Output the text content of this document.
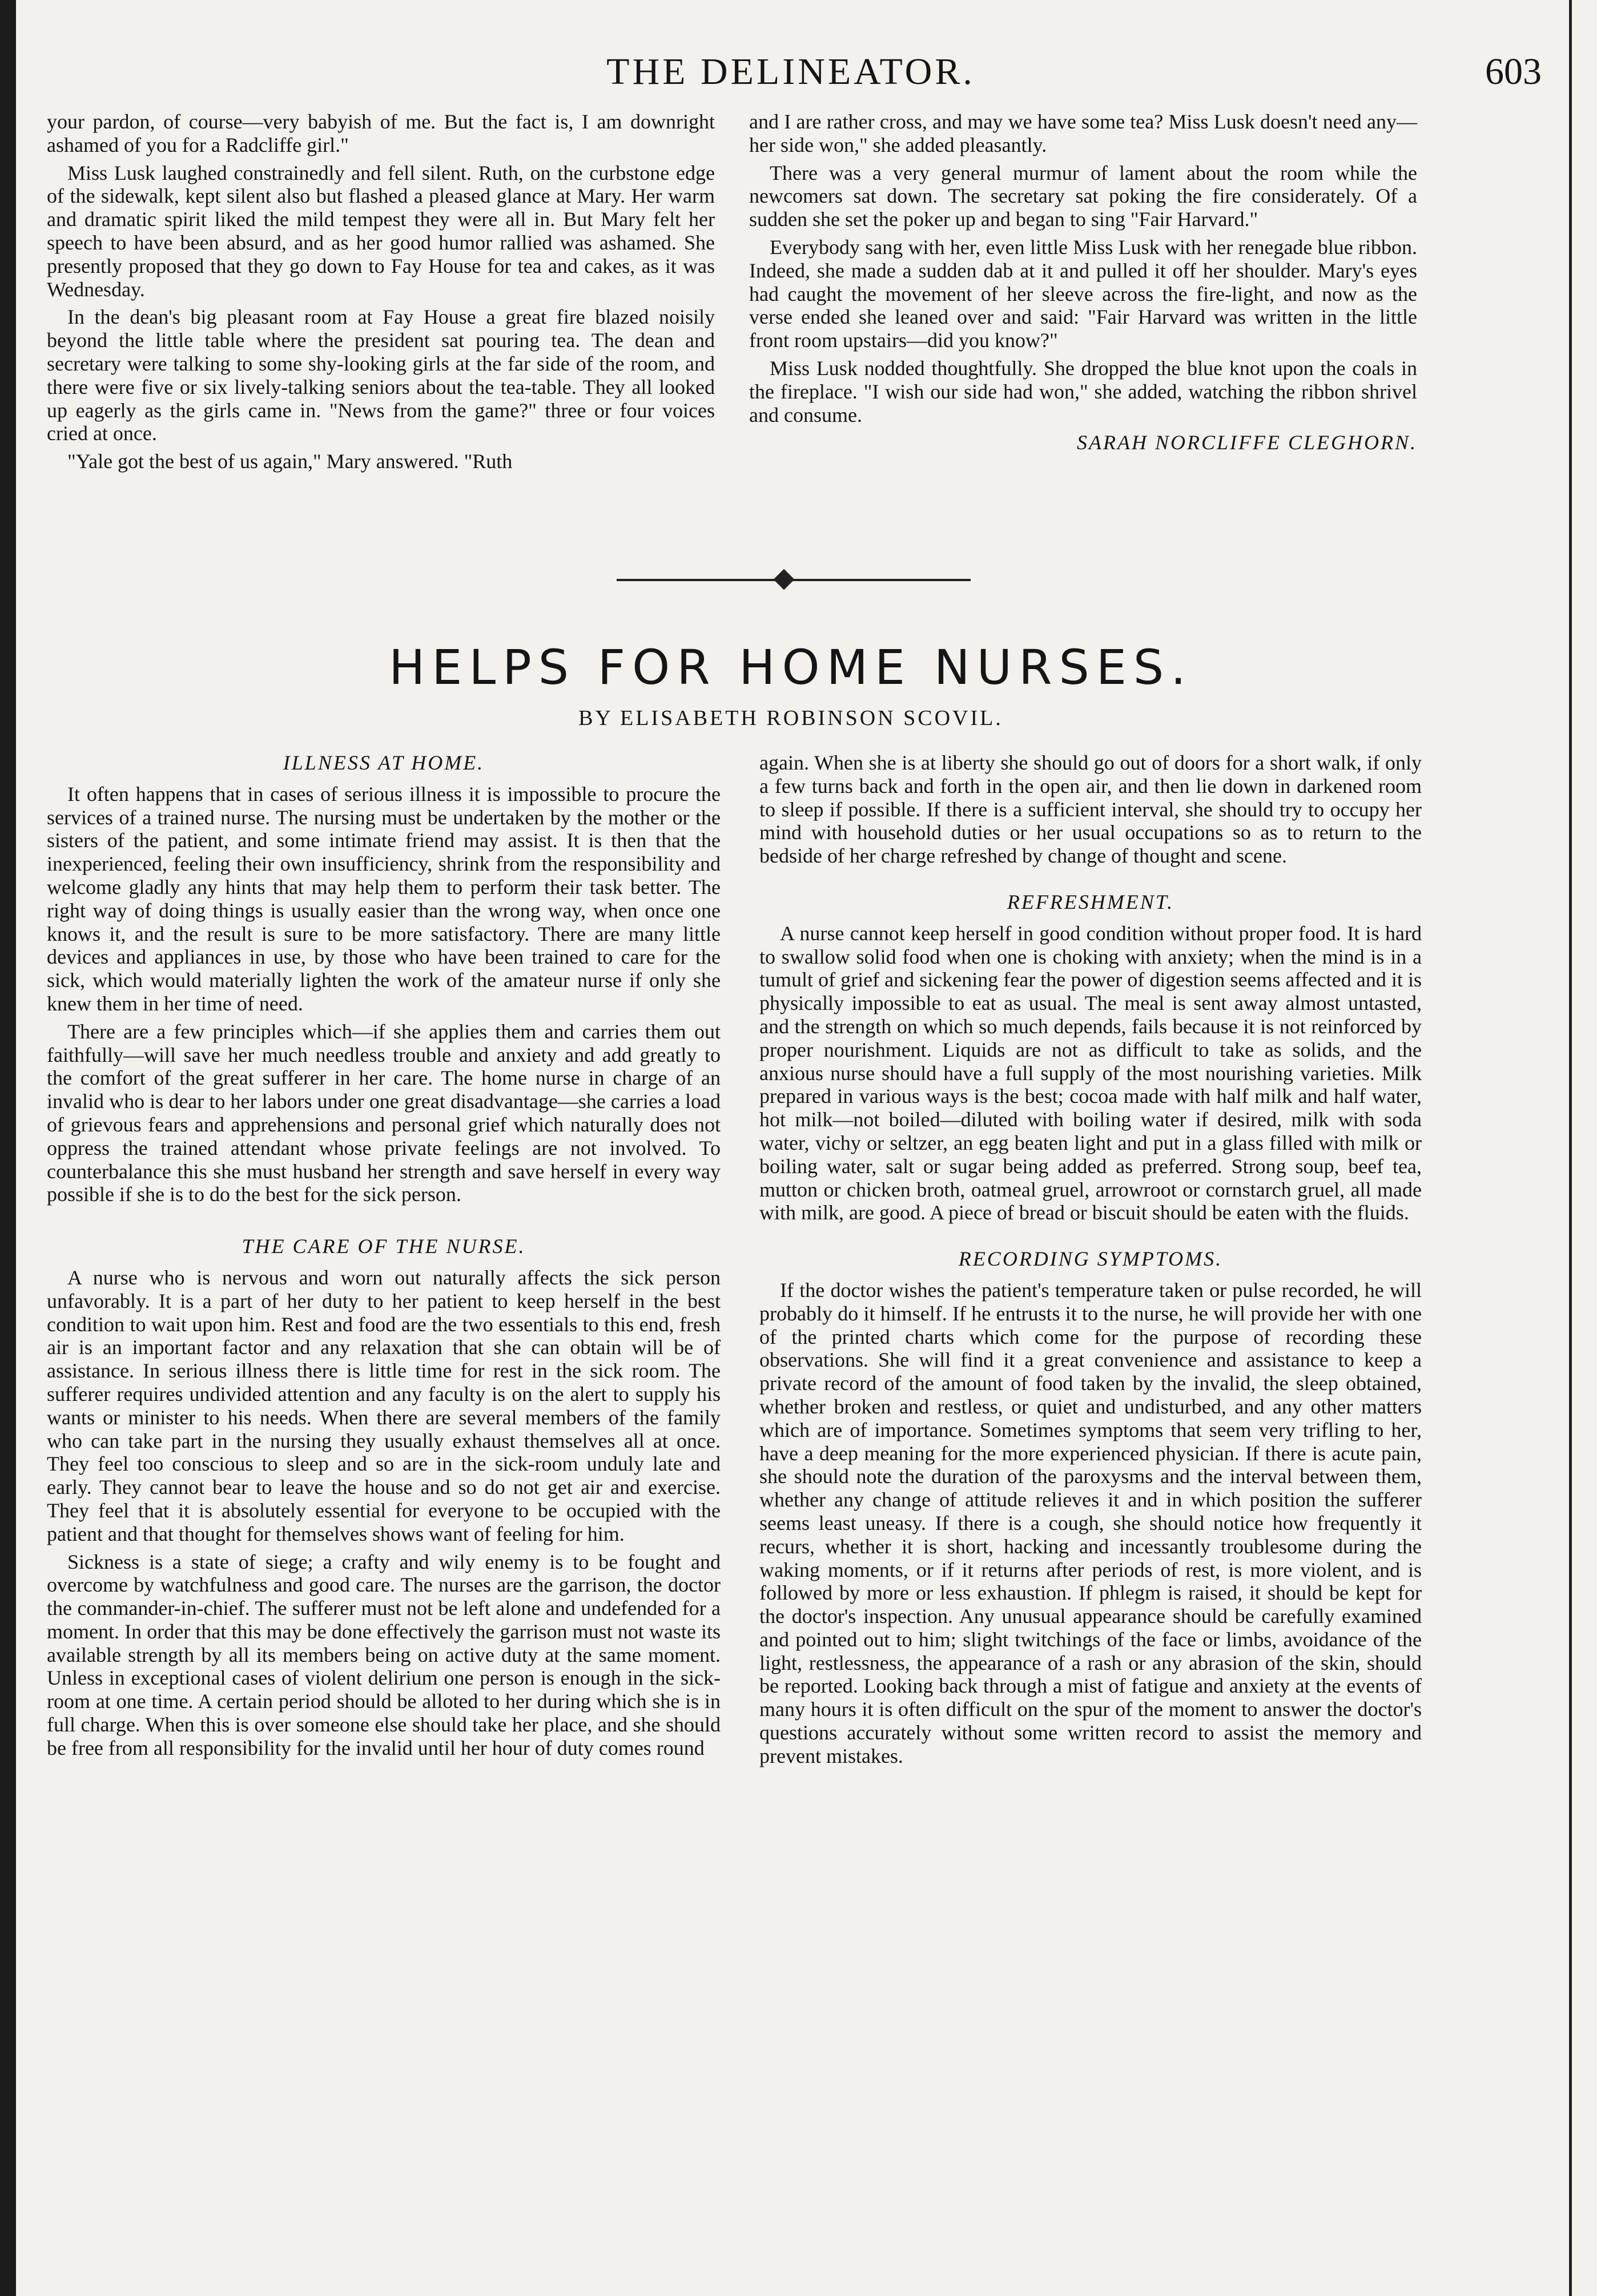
THE DELINEATOR.	603

your pardon, of course—very babyish of me. But the fact is, I am downright ashamed of you for a Radcliffe girl."

Miss Lusk laughed constrainedly and fell silent. Ruth, on the curbstone edge of the sidewalk, kept silent also but flashed a pleased glance at Mary. Her warm and dramatic spirit liked the mild tempest they were all in. But Mary felt her speech to have been absurd, and as her good humor rallied was ashamed. She presently proposed that they go down to Fay House for tea and cakes, as it was Wednesday.

In the dean's big pleasant room at Fay House a great fire blazed noisily beyond the little table where the president sat pouring tea. The dean and secretary were talking to some shy-looking girls at the far side of the room, and there were five or six lively-talking seniors about the tea-table. They all looked up eagerly as the girls came in. "News from the game?" three or four voices cried at once.

"Yale got the best of us again," Mary answered. "Ruth

and I are rather cross, and may we have some tea? Miss Lusk doesn't need any—her side won," she added pleasantly.

There was a very general murmur of lament about the room while the newcomers sat down. The secretary sat poking the fire considerately. Of a sudden she set the poker up and began to sing "Fair Harvard."

Everybody sang with her, even little Miss Lusk with her renegade blue ribbon. Indeed, she made a sudden dab at it and pulled it off her shoulder. Mary's eyes had caught the movement of her sleeve across the fire-light, and now as the verse ended she leaned over and said: "Fair Harvard was written in the little front room upstairs—did you know?"

Miss Lusk nodded thoughtfully. She dropped the blue knot upon the coals in the fireplace. "I wish our side had won," she added, watching the ribbon shrivel and consume.

SARAH NORCLIFFE CLEGHORN.
HELPS FOR HOME NURSES.
BY ELISABETH ROBINSON SCOVIL.
ILLNESS AT HOME.

It often happens that in cases of serious illness it is impossible to procure the services of a trained nurse. The nursing must be undertaken by the mother or the sisters of the patient, and some intimate friend may assist. It is then that the inexperienced, feeling their own insufficiency, shrink from the responsibility and welcome gladly any hints that may help them to perform their task better. The right way of doing things is usually easier than the wrong way, when once one knows it, and the result is sure to be more satisfactory. There are many little devices and appliances in use, by those who have been trained to care for the sick, which would materially lighten the work of the amateur nurse if only she knew them in her time of need.

There are a few principles which—if she applies them and carries them out faithfully—will save her much needless trouble and anxiety and add greatly to the comfort of the great sufferer in her care. The home nurse in charge of an invalid who is dear to her labors under one great disadvantage—she carries a load of grievous fears and apprehensions and personal grief which naturally does not oppress the trained attendant whose private feelings are not involved. To counterbalance this she must husband her strength and save herself in every way possible if she is to do the best for the sick person.

THE CARE OF THE NURSE.

A nurse who is nervous and worn out naturally affects the sick person unfavorably. It is a part of her duty to her patient to keep herself in the best condition to wait upon him. Rest and food are the two essentials to this end, fresh air is an important factor and any relaxation that she can obtain will be of assistance. In serious illness there is little time for rest in the sick room. The sufferer requires undivided attention and any faculty is on the alert to supply his wants or minister to his needs. When there are several members of the family who can take part in the nursing they usually exhaust themselves all at once. They feel too conscious to sleep and so are in the sick-room unduly late and early. They cannot bear to leave the house and so do not get air and exercise. They feel that it is absolutely essential for everyone to be occupied with the patient and that thought for themselves shows want of feeling for him.

Sickness is a state of siege; a crafty and wily enemy is to be fought and overcome by watchfulness and good care. The nurses are the garrison, the doctor the commander-in-chief. The sufferer must not be left alone and undefended for a moment. In order that this may be done effectively the garrison must not waste its available strength by all its members being on active duty at the same moment. Unless in exceptional cases of violent delirium one person is enough in the sick-room at one time. A certain period should be alloted to her during which she is in full charge. When this is over someone else should take her place, and she should be free from all responsibility for the invalid until her hour of duty comes round

again. When she is at liberty she should go out of doors for a short walk, if only a few turns back and forth in the open air, and then lie down in darkened room to sleep if possible. If there is a sufficient interval, she should try to occupy her mind with household duties or her usual occupations so as to return to the bedside of her charge refreshed by change of thought and scene.

REFRESHMENT.

A nurse cannot keep herself in good condition without proper food. It is hard to swallow solid food when one is choking with anxiety; when the mind is in a tumult of grief and sickening fear the power of digestion seems affected and it is physically impossible to eat as usual. The meal is sent away almost untasted, and the strength on which so much depends, fails because it is not reinforced by proper nourishment. Liquids are not as difficult to take as solids, and the anxious nurse should have a full supply of the most nourishing varieties. Milk prepared in various ways is the best; cocoa made with half milk and half water, hot milk—not boiled—diluted with boiling water if desired, milk with soda water, vichy or seltzer, an egg beaten light and put in a glass filled with milk or boiling water, salt or sugar being added as preferred. Strong soup, beef tea, mutton or chicken broth, oatmeal gruel, arrowroot or cornstarch gruel, all made with milk, are good. A piece of bread or biscuit should be eaten with the fluids.

RECORDING SYMPTOMS.

If the doctor wishes the patient's temperature taken or pulse recorded, he will probably do it himself. If he entrusts it to the nurse, he will provide her with one of the printed charts which come for the purpose of recording these observations. She will find it a great convenience and assistance to keep a private record of the amount of food taken by the invalid, the sleep obtained, whether broken and restless, or quiet and undisturbed, and any other matters which are of importance. Sometimes symptoms that seem very trifling to her, have a deep meaning for the more experienced physician. If there is acute pain, she should note the duration of the paroxysms and the interval between them, whether any change of attitude relieves it and in which position the sufferer seems least uneasy. If there is a cough, she should notice how frequently it recurs, whether it is short, hacking and incessantly troublesome during the waking moments, or if it returns after periods of rest, is more violent, and is followed by more or less exhaustion. If phlegm is raised, it should be kept for the doctor's inspection. Any unusual appearance should be carefully examined and pointed out to him; slight twitchings of the face or limbs, avoidance of the light, restlessness, the appearance of a rash or any abrasion of the skin, should be reported. Looking back through a mist of fatigue and anxiety at the events of many hours it is often difficult on the spur of the moment to answer the doctor's questions accurately without some written record to assist the memory and prevent mistakes.
